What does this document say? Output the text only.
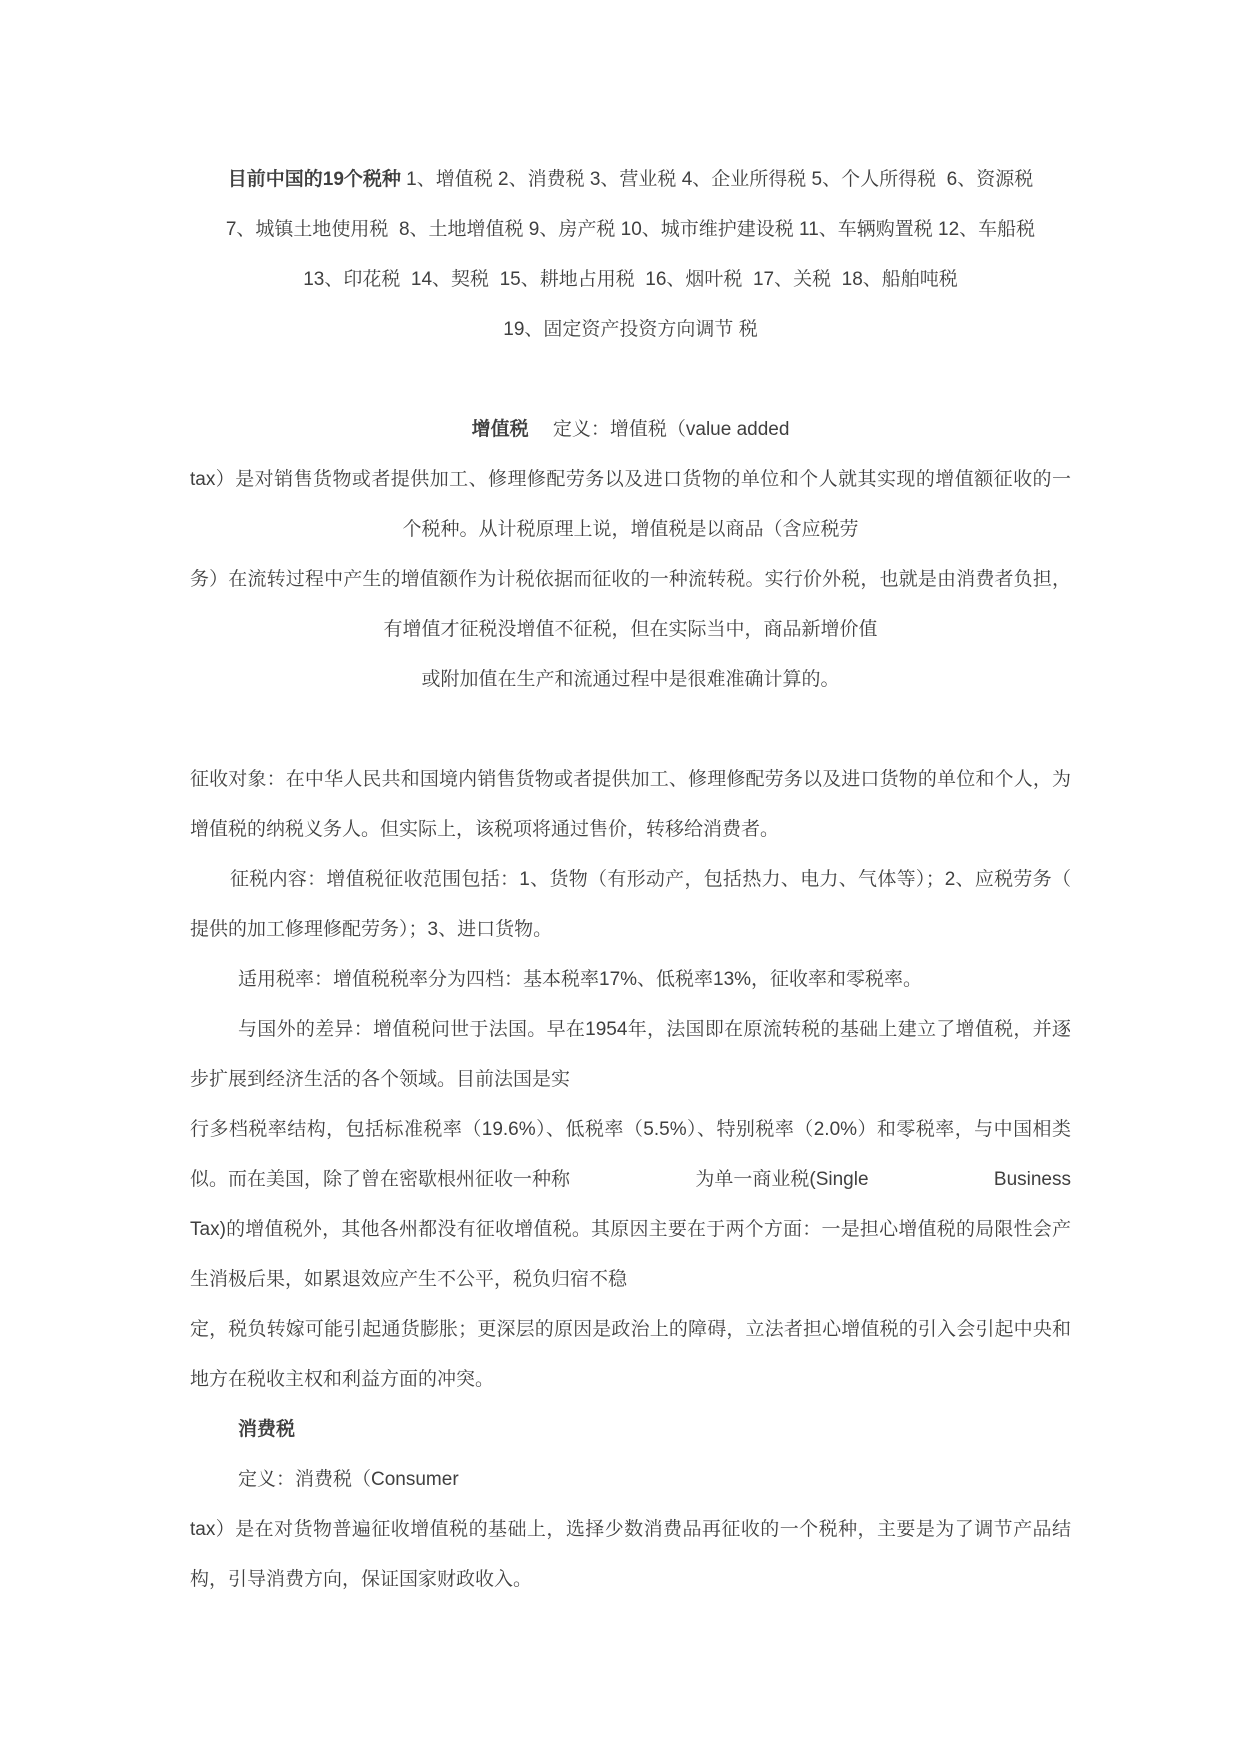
目前中国的19个税种 1、增值税 2、消费税 3、营业税 4、企业所得税 5、个人所得税  6、资源税
7、城镇土地使用税  8、土地增值税 9、房产税 10、城市维护建设税 11、车辆购置税 12、车船税
13、印花税  14、契税  15、耕地占用税  16、烟叶税  17、关税  18、船舶吨税
19、固定资产投资方向调节 税
增值税　 定义：增值税（value added
tax）是对销售货物或者提供加工、修理修配劳务以及进口货物的单位和个人就其实现的增值额征收的一
个税种。从计税原理上说，增值税是以商品（含应税劳
务）在流转过程中产生的增值额作为计税依据而征收的一种流转税。实行价外税，也就是由消费者负担，
有增值才征税没增值不征税，但在实际当中，商品新增价值
或附加值在生产和流通过程中是很难准确计算的。
征收对象：在中华人民共和国境内销售货物或者提供加工、修理修配劳务以及进口货物的单位和个人，为
增值税的纳税义务人。但实际上，该税项将通过售价，转移给消费者。
征税内容：增值税征收范围包括：1、货物（有形动产，包括热力、电力、气体等）；2、应税劳务（
提供的加工修理修配劳务）；3、进口货物。
适用税率：增值税税率分为四档：基本税率17%、低税率13%，征收率和零税率。
与国外的差异：增值税问世于法国。早在1954年，法国即在原流转税的基础上建立了增值税，并逐
步扩展到经济生活的各个领域。目前法国是实
行多档税率结构，包括标准税率（19.6%）、低税率（5.5%）、特别税率（2.0%）和零税率，与中国相类
似。而在美国，除了曾在密歇根州征收一种称	为单一商业税(Single	Business
Tax)的增值税外，其他各州都没有征收增值税。其原因主要在于两个方面：一是担心增值税的局限性会产
生消极后果，如累退效应产生不公平，税负归宿不稳
定，税负转嫁可能引起通货膨胀；更深层的原因是政治上的障碍，立法者担心增值税的引入会引起中央和
地方在税收主权和利益方面的冲突。
消费税
定义：消费税（Consumer
tax）是在对货物普遍征收增值税的基础上，选择少数消费品再征收的一个税种，主要是为了调节产品结
构，引导消费方向，保证国家财政收入。
